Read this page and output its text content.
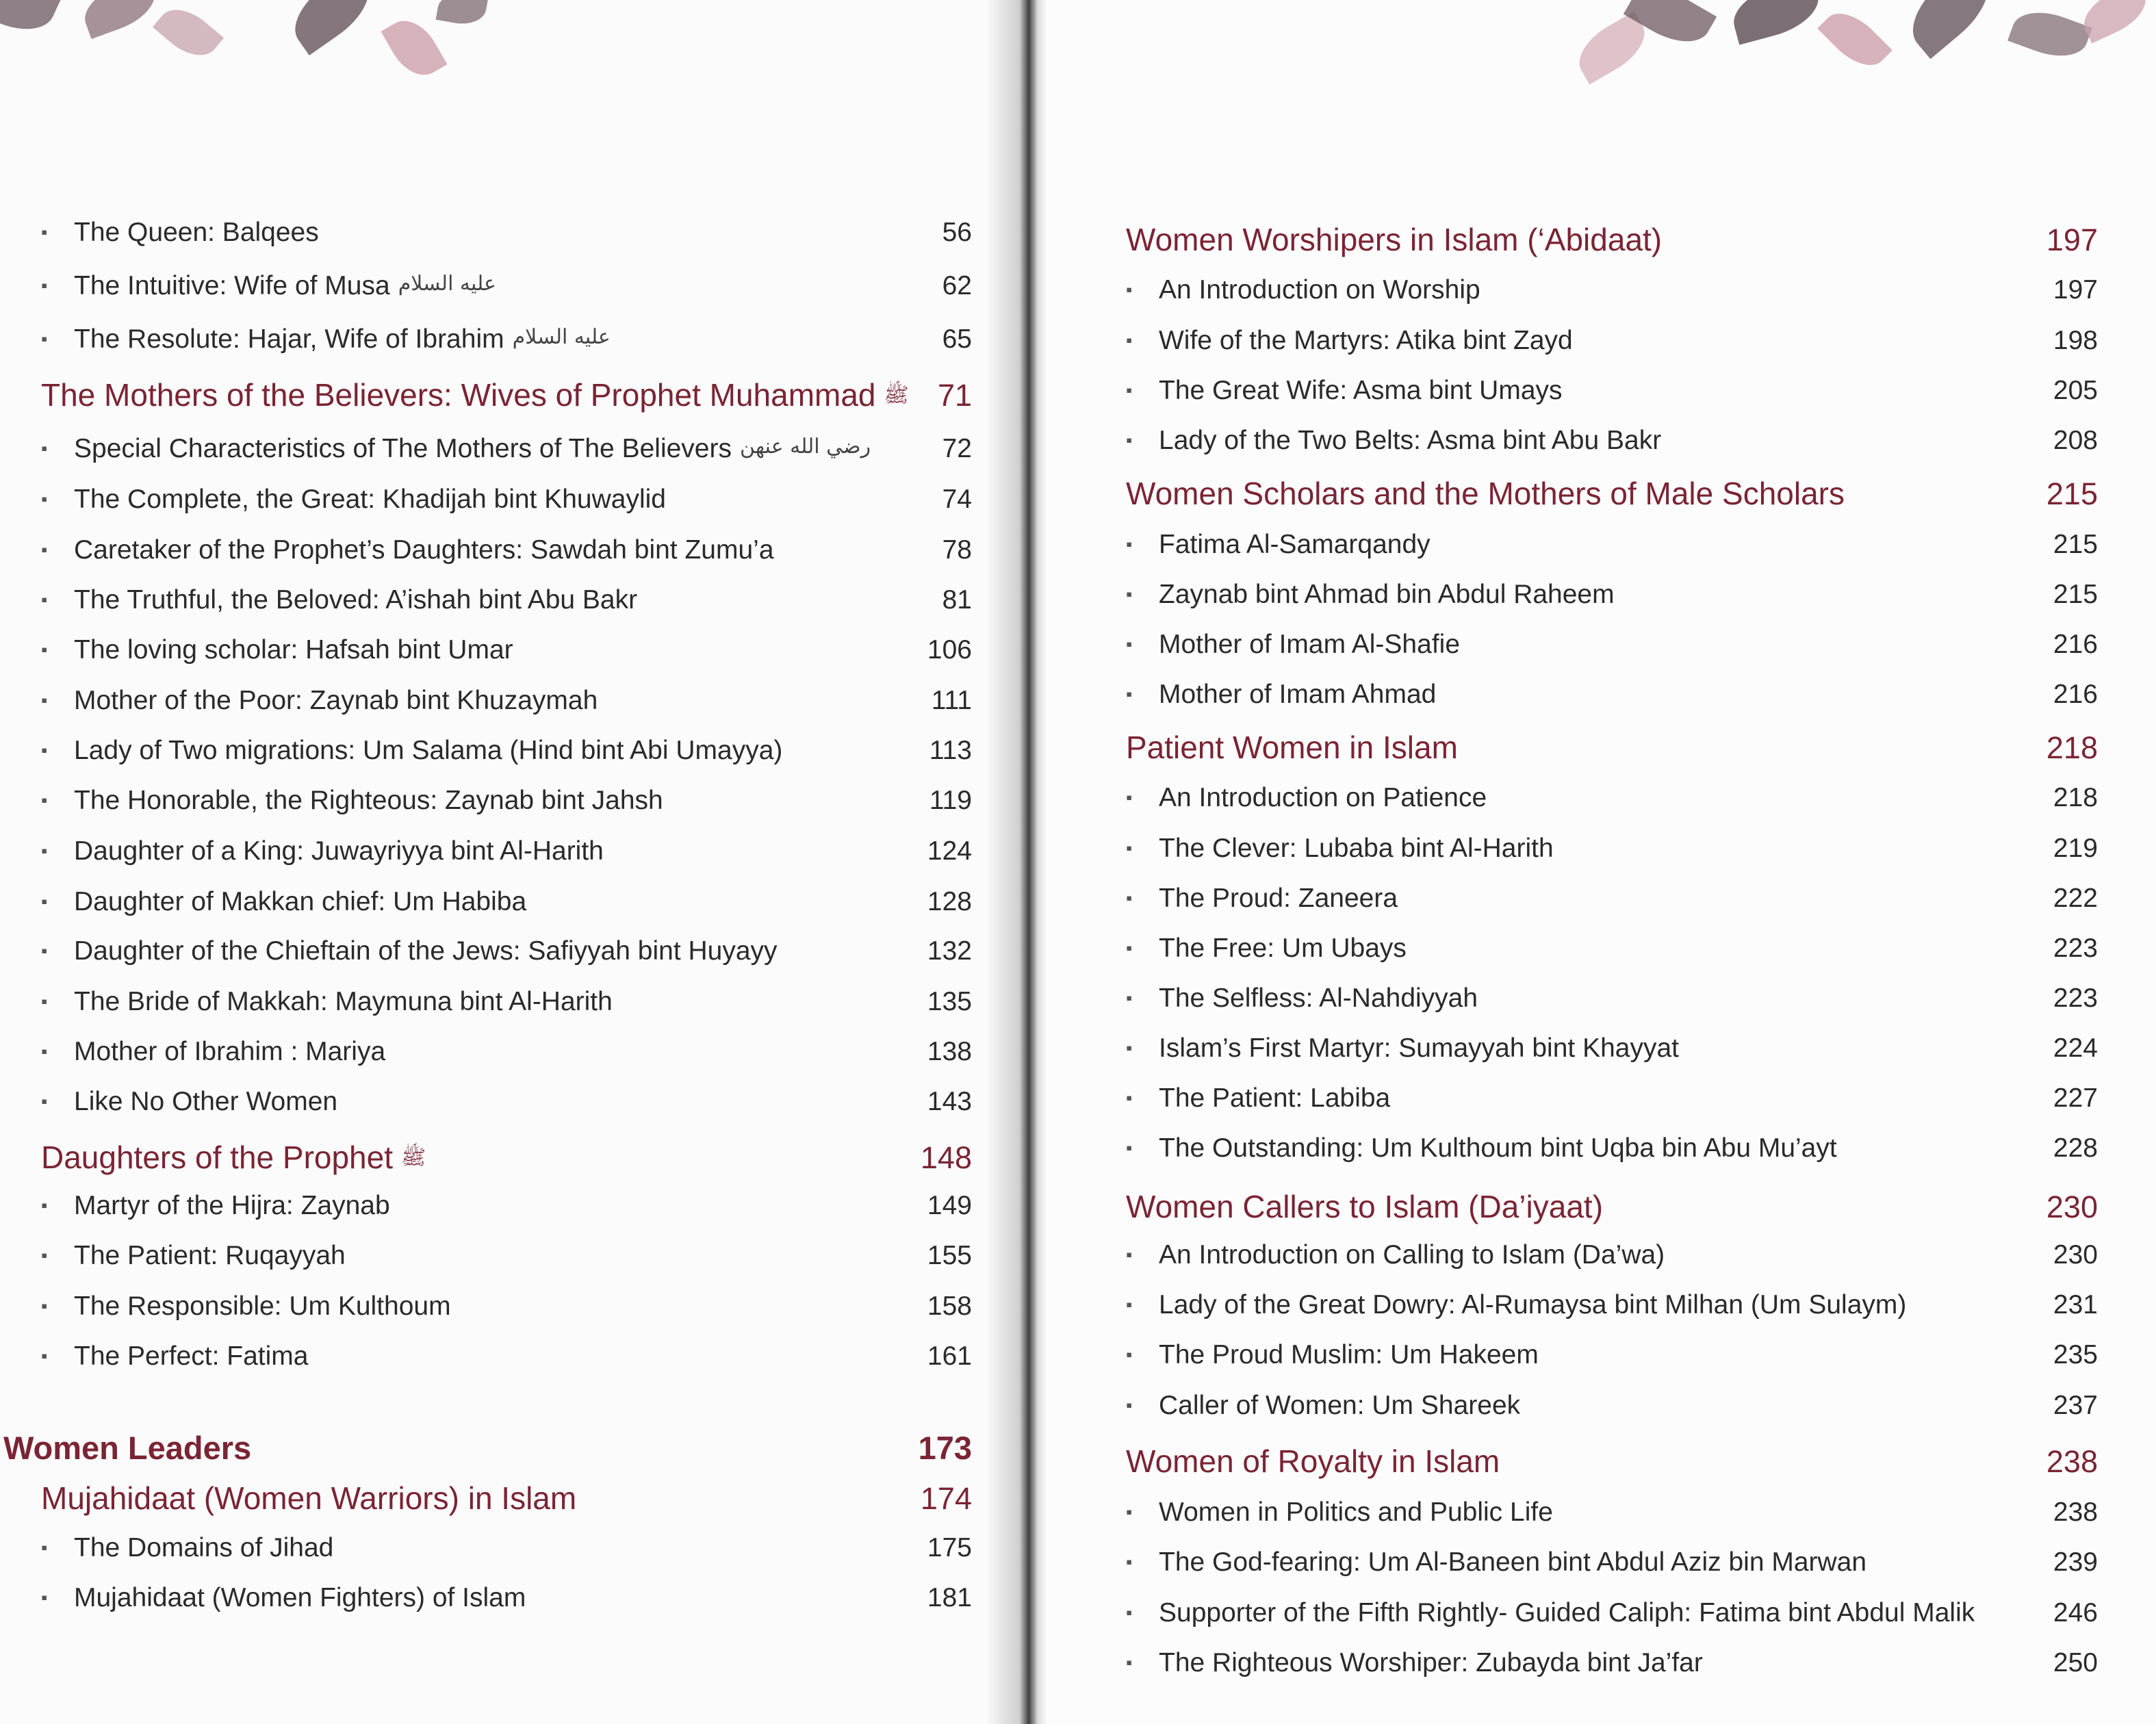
▪ The Queen: Balqees	56
▪ The Intuitive: Wife of Musa عليه السلام	62
▪ The Resolute: Hajar, Wife of Ibrahim عليه السلام	65
The Mothers of the Believers: Wives of Prophet Muhammad ﷺ 71
▪ Special Characteristics of The Mothers of The Believers رضي الله عنهن	72
▪ The Complete, the Great: Khadijah bint Khuwaylid	74
▪ Caretaker of the Prophet’s Daughters: Sawdah bint Zumu’a	78
▪ The Truthful, the Beloved: A’ishah bint Abu Bakr	81
▪ The loving scholar: Hafsah bint Umar	106
▪ Mother of the Poor: Zaynab bint Khuzaymah	111
▪ Lady of Two migrations: Um Salama (Hind bint Abi Umayya)	113
▪ The Honorable, the Righteous: Zaynab bint Jahsh	119
▪ Daughter of a King: Juwayriyya bint Al-Harith	124
▪ Daughter of Makkan chief: Um Habiba	128
▪ Daughter of the Chieftain of the Jews: Safiyyah bint Huyayy	132
▪ The Bride of Makkah: Maymuna bint Al-Harith	135
▪ Mother of Ibrahim : Mariya	138
▪ Like No Other Women	143
Daughters of the Prophet ﷺ	148
▪ Martyr of the Hijra: Zaynab	149
▪ The Patient: Ruqayyah	155
▪ The Responsible: Um Kulthoum	158
▪ The Perfect: Fatima	161
Women Leaders	173
Mujahidaat (Women Warriors) in Islam	174
▪ The Domains of Jihad	175
▪ Mujahidaat (Women Fighters) of Islam	181
Women Worshipers in Islam (‘Abidaat)	197
▪ An Introduction on Worship	197
▪ Wife of the Martyrs: Atika bint Zayd	198
▪ The Great Wife: Asma bint Umays	205
▪ Lady of the Two Belts: Asma bint Abu Bakr	208
Women Scholars and the Mothers of Male Scholars	215
▪ Fatima Al-Samarqandy	215
▪ Zaynab bint Ahmad bin Abdul Raheem	215
▪ Mother of Imam Al-Shafie	216
▪ Mother of Imam Ahmad	216
Patient Women in Islam	218
▪ An Introduction on Patience	218
▪ The Clever: Lubaba bint Al-Harith	219
▪ The Proud: Zaneera	222
▪ The Free: Um Ubays	223
▪ The Selfless: Al-Nahdiyyah	223
▪ Islam’s First Martyr: Sumayyah bint Khayyat	224
▪ The Patient: Labiba	227
▪ The Outstanding: Um Kulthoum bint Uqba bin Abu Mu’ayt	228
Women Callers to Islam (Da’iyaat)	230
▪ An Introduction on Calling to Islam (Da’wa)	230
▪ Lady of the Great Dowry: Al-Rumaysa bint Milhan (Um Sulaym)	231
▪ The Proud Muslim: Um Hakeem	235
▪ Caller of Women: Um Shareek	237
Women of Royalty in Islam	238
▪ Women in Politics and Public Life	238
▪ The God-fearing: Um Al-Baneen bint Abdul Aziz bin Marwan	239
▪ Supporter of the Fifth Rightly- Guided Caliph: Fatima bint Abdul Malik	246
▪ The Righteous Worshiper: Zubayda bint Ja’far	250
